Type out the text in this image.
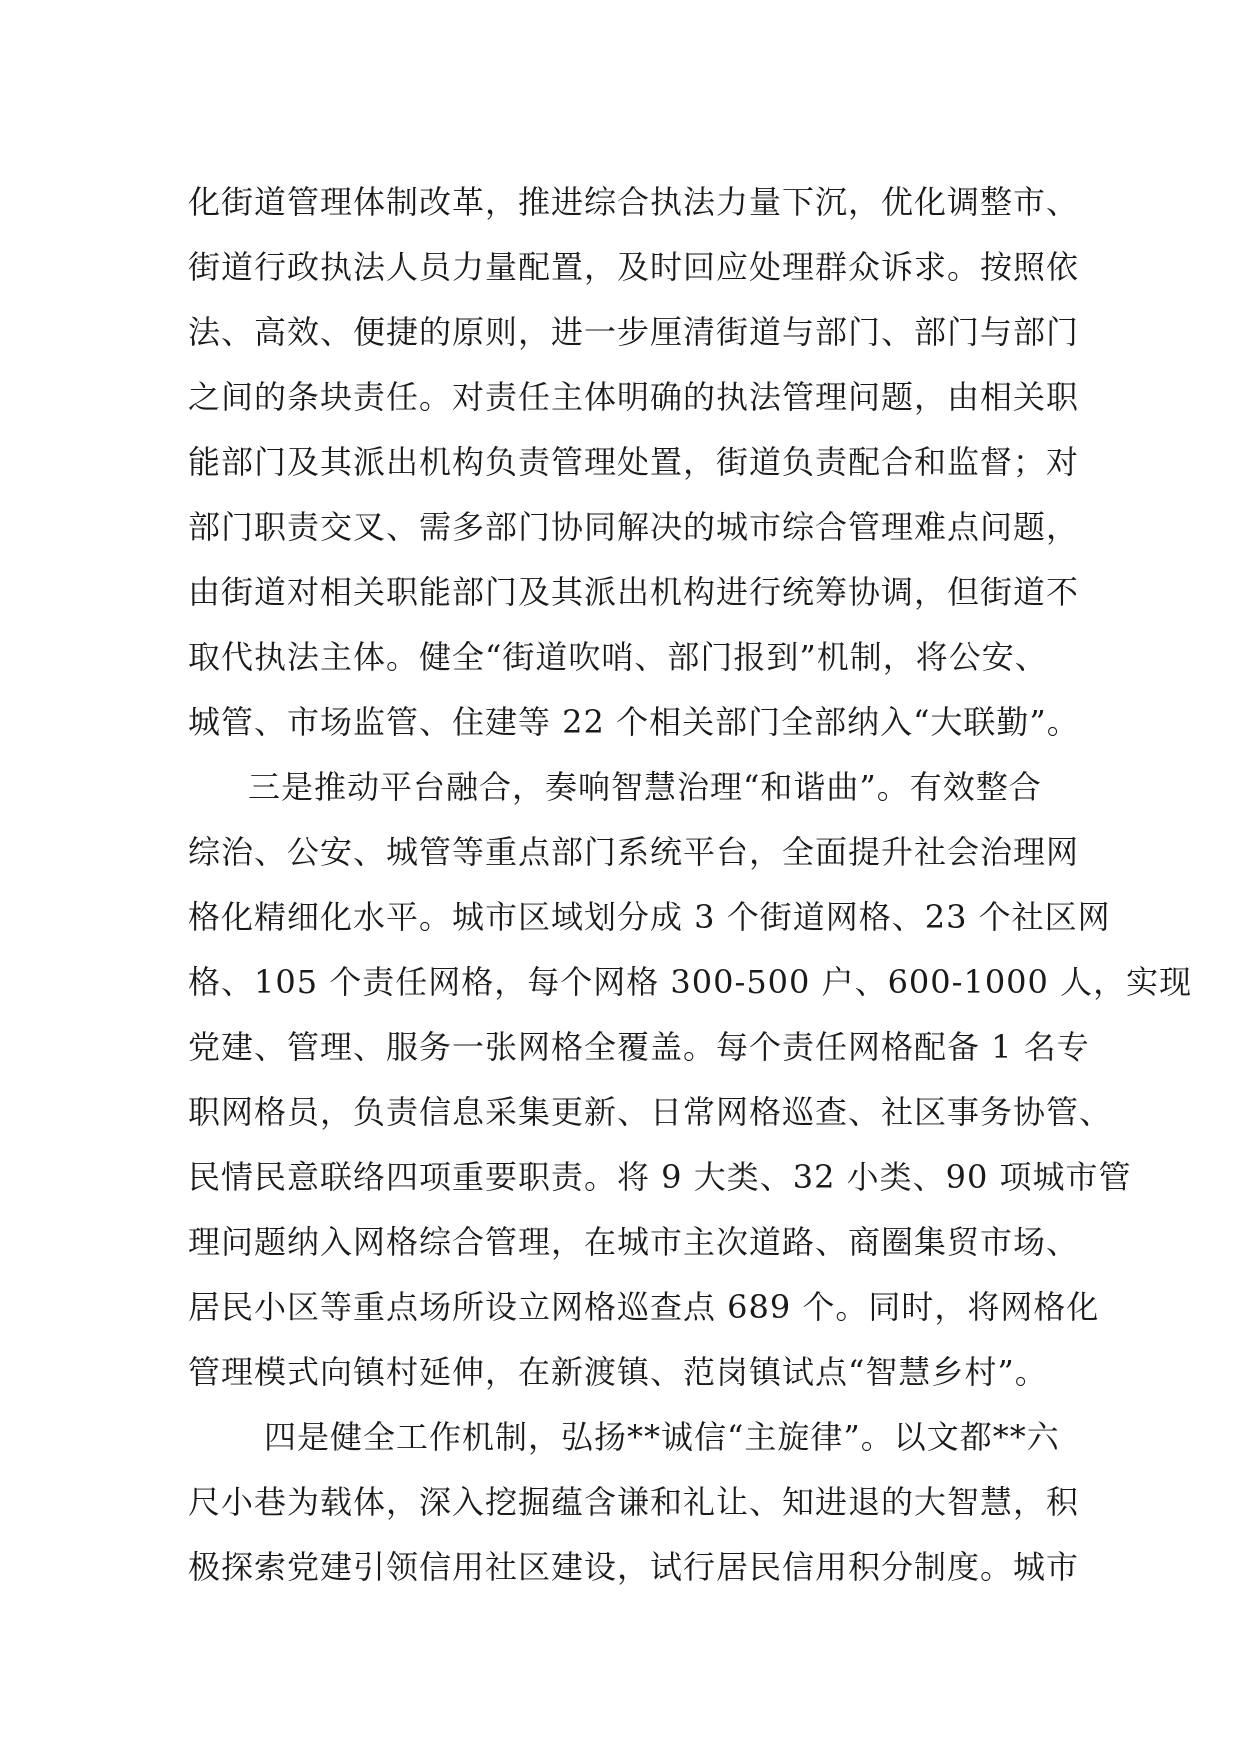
化街道管理体制改革，推进综合执法力量下沉，优化调整市、
街道行政执法人员力量配置，及时回应处理群众诉求。按照依
法、高效、便捷的原则，进一步厘清街道与部门、部门与部门
之间的条块责任。对责任主体明确的执法管理问题，由相关职
能部门及其派出机构负责管理处置，街道负责配合和监督；对
部门职责交叉、需多部门协同解决的城市综合管理难点问题，
由街道对相关职能部门及其派出机构进行统筹协调，但街道不
取代执法主体。健全“街道吹哨、部门报到”机制，将公安、
城管、市场监管、住建等 22 个相关部门全部纳入“大联勤”。
三是推动平台融合，奏响智慧治理“和谐曲”。有效整合
综治、公安、城管等重点部门系统平台，全面提升社会治理网
格化精细化水平。城市区域划分成 3 个街道网格、23 个社区网
格、105 个责任网格，每个网格 300-500 户、600-1000 人，实现
党建、管理、服务一张网格全覆盖。每个责任网格配备 1 名专
职网格员，负责信息采集更新、日常网格巡查、社区事务协管、
民情民意联络四项重要职责。将 9 大类、32 小类、90 项城市管
理问题纳入网格综合管理，在城市主次道路、商圈集贸市场、
居民小区等重点场所设立网格巡查点 689 个。同时，将网格化
管理模式向镇村延伸，在新渡镇、范岗镇试点“智慧乡村”。
四是健全工作机制，弘扬**诚信“主旋律”。以文都**六
尺小巷为载体，深入挖掘蕴含谦和礼让、知进退的大智慧，积
极探索党建引领信用社区建设，试行居民信用积分制度。城市
